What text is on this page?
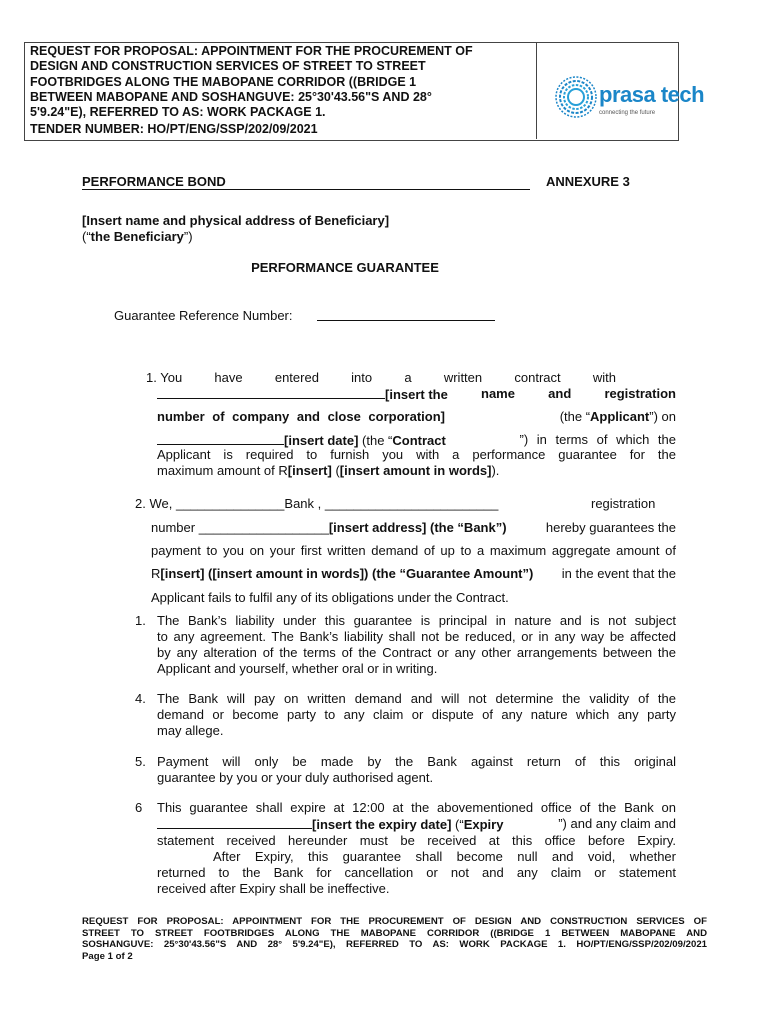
REQUEST FOR PROPOSAL: APPOINTMENT FOR THE PROCUREMENT OF
DESIGN AND CONSTRUCTION SERVICES OF STREET TO STREET
FOOTBRIDGES ALONG THE MABOPANE CORRIDOR ((BRIDGE 1
BETWEEN MABOPANE AND SOSHANGUVE: 25°30'43.56"S AND 28°
5'9.24"E), REFERRED TO AS: WORK PACKAGE 1.
TENDER NUMBER: HO/PT/ENG/SSP/202/09/2021
prasa tech
connecting the future
PERFORMANCE BOND	ANNEXURE 3
[Insert name and physical address of Beneficiary]
(“the Beneficiary”)
PERFORMANCE GUARANTEE
Guarantee Reference Number:
1. You have entered into a written contract with
[insert the	name	and	registration
number of company and close corporation]	(the “Applicant”) on
[insert date] (the “Contract	”) in terms of which the
Applicant is required to furnish you with a performance guarantee for the
maximum amount of R[insert] ([insert amount in words]).
2. We, _______________Bank , ________________________	registration
number __________________[insert address] (the “Bank”)	hereby guarantees the
payment to you on your first written demand of up to a maximum aggregate amount of
R[insert] ([insert amount in words]) (the “Guarantee Amount”) in the event that the
Applicant fails to fulfil any of its obligations under the Contract.
1. The Bank’s liability under this guarantee is principal in nature and is not subject
to any agreement. The Bank’s liability shall not be reduced, or in any way be affected
by any alteration of the terms of the Contract or any other arrangements between the
Applicant and yourself, whether oral or in writing.
4. The Bank will pay on written demand and will not determine the validity of the
demand or become party to any claim or dispute of any nature which any party
may allege.
5. Payment will only be made by the Bank against return of this original
guarantee by you or your duly authorised agent.
6 This guarantee shall expire at 12:00 at the abovementioned office of the Bank on
[insert the expiry date] (“Expiry	”) and any claim and
statement received hereunder must be received at this office before Expiry.
After Expiry, this guarantee shall become null and void, whether
returned to the Bank for cancellation or not and any claim or statement
received after Expiry shall be ineffective.
REQUEST FOR PROPOSAL: APPOINTMENT FOR THE PROCUREMENT OF DESIGN AND CONSTRUCTION SERVICES OF
STREET TO STREET FOOTBRIDGES ALONG THE MABOPANE CORRIDOR ((BRIDGE 1 BETWEEN MABOPANE AND
SOSHANGUVE: 25°30'43.56"S AND 28° 5'9.24"E), REFERRED TO AS: WORK PACKAGE 1. HO/PT/ENG/SSP/202/09/2021
Page 1 of 2
